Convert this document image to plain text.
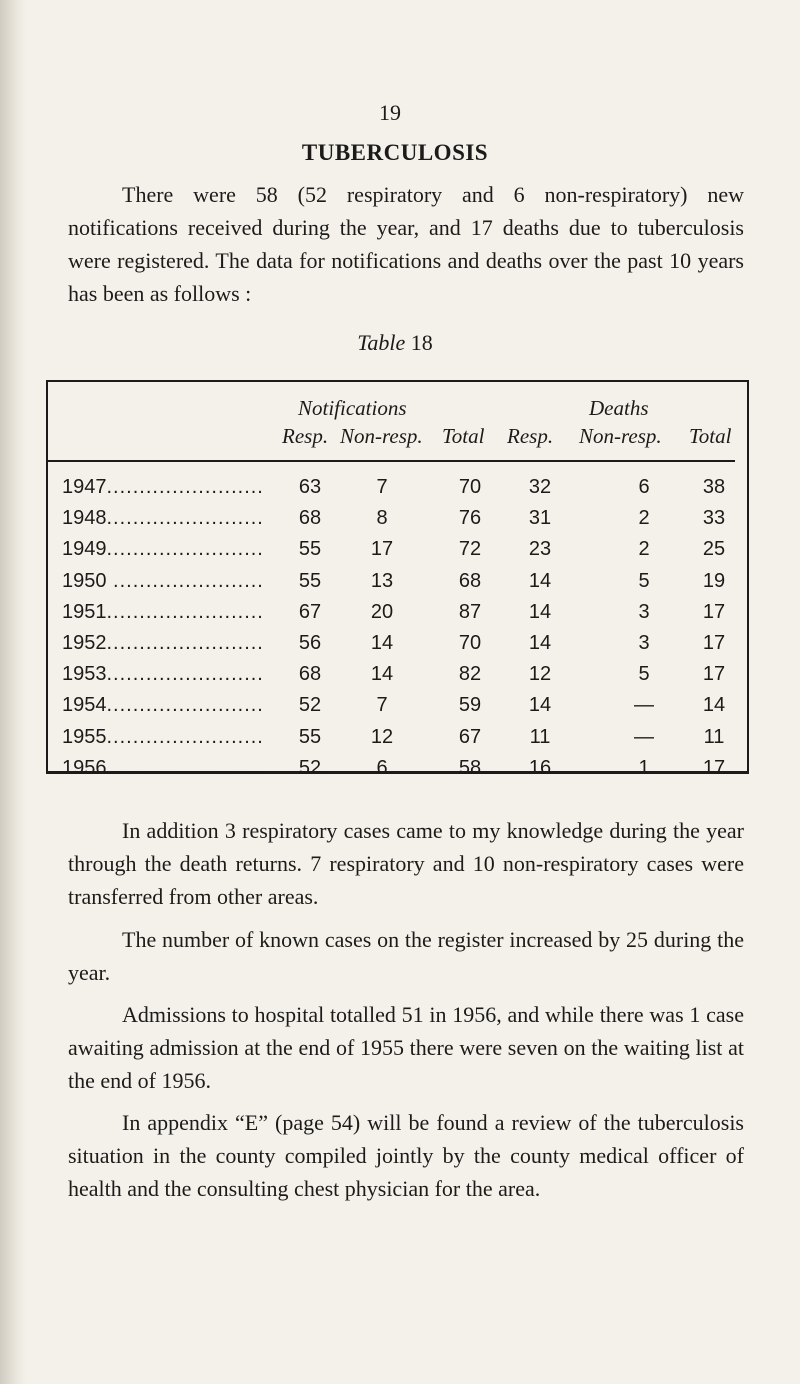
19
TUBERCULOSIS

There were 58 (52 respiratory and 6 non-respiratory) new notifications received during the year, and 17 deaths due to tuberculosis were registered. The data for notifications and deaths over the past 10 years has been as follows :

Table 18
Notifications	Deaths
Resp. Non-resp. Total Resp. Non-resp. Total
1947........................	63	7	70	32	6	38
1948........................	68	8	76	31	2	33
1949........................	55	17	72	23	2	25
1950 .......................	55	13	68	14	5	19
1951........................	67	20	87	14	3	17
1952........................	56	14	70	14	3	17
1953........................	68	14	82	12	5	17
1954........................	52	7	59	14	—	14
1955........................	55	12	67	11	—	11
1956........................	52	6	58	16	1	17

In addition 3 respiratory cases came to my knowledge during the year through the death returns. 7 respiratory and 10 non-respiratory cases were transferred from other areas.

The number of known cases on the register increased by 25 during the year.

Admissions to hospital totalled 51 in 1956, and while there was 1 case awaiting admission at the end of 1955 there were seven on the waiting list at the end of 1956.

In appendix “E” (page 54) will be found a review of the tuberculosis situation in the county compiled jointly by the county medical officer of health and the consulting chest physician for the area.
